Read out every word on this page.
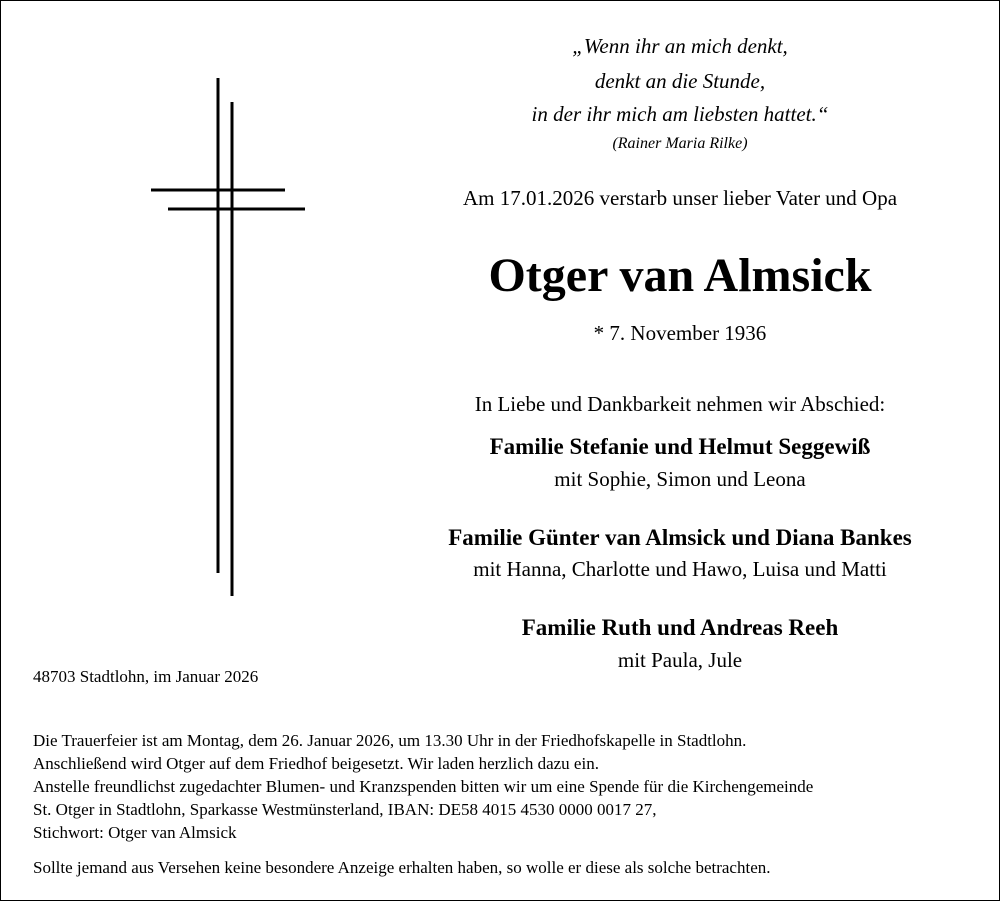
„Wenn ihr an mich denkt,
denkt an die Stunde,
in der ihr mich am liebsten hattet.“
(Rainer Maria Rilke)
Am 17.01.2026 verstarb unser lieber Vater und Opa
Otger van Almsick
* 7. November 1936
In Liebe und Dankbarkeit nehmen wir Abschied:
Familie Stefanie und Helmut Seggewiß
mit Sophie, Simon und Leona
Familie Günter van Almsick und Diana Bankes
mit Hanna, Charlotte und Hawo, Luisa und Matti
Familie Ruth und Andreas Reeh
mit Paula, Jule
48703 Stadtlohn, im Januar 2026
Die Trauerfeier ist am Montag, dem 26. Januar 2026, um 13.30 Uhr in der Friedhofskapelle in Stadtlohn.
Anschließend wird Otger auf dem Friedhof beigesetzt. Wir laden herzlich dazu ein.
Anstelle freundlichst zugedachter Blumen- und Kranzspenden bitten wir um eine Spende für die Kirchengemeinde
St. Otger in Stadtlohn, Sparkasse Westmünsterland, IBAN: DE58 4015 4530 0000 0017 27,
Stichwort: Otger van Almsick
Sollte jemand aus Versehen keine besondere Anzeige erhalten haben, so wolle er diese als solche betrachten.
